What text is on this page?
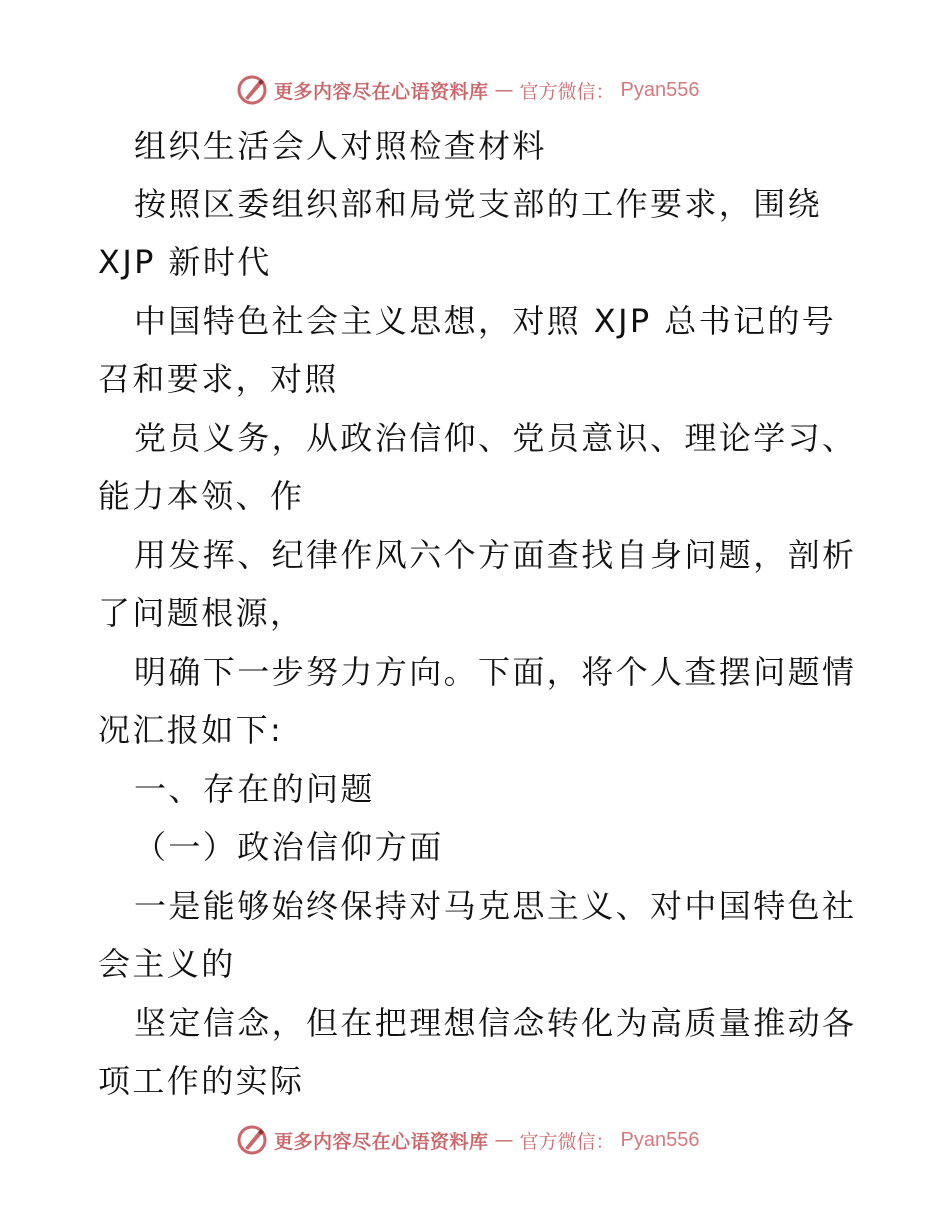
更多内容尽在心语资料库 — 官方微信： Pyan556
组织生活会人对照检查材料
按照区委组织部和局党支部的工作要求，围绕
XJP 新时代
中国特色社会主义思想，对照 XJP 总书记的号
召和要求，对照
党员义务，从政治信仰、党员意识、理论学习、
能力本领、作
用发挥、纪律作风六个方面查找自身问题，剖析
了问题根源，
明确下一步努力方向。下面，将个人查摆问题情
况汇报如下:
一、存在的问题
（一）政治信仰方面
一是能够始终保持对马克思主义、对中国特色社
会主义的
坚定信念，但在把理想信念转化为高质量推动各
项工作的实际
更多内容尽在心语资料库 — 官方微信： Pyan556
